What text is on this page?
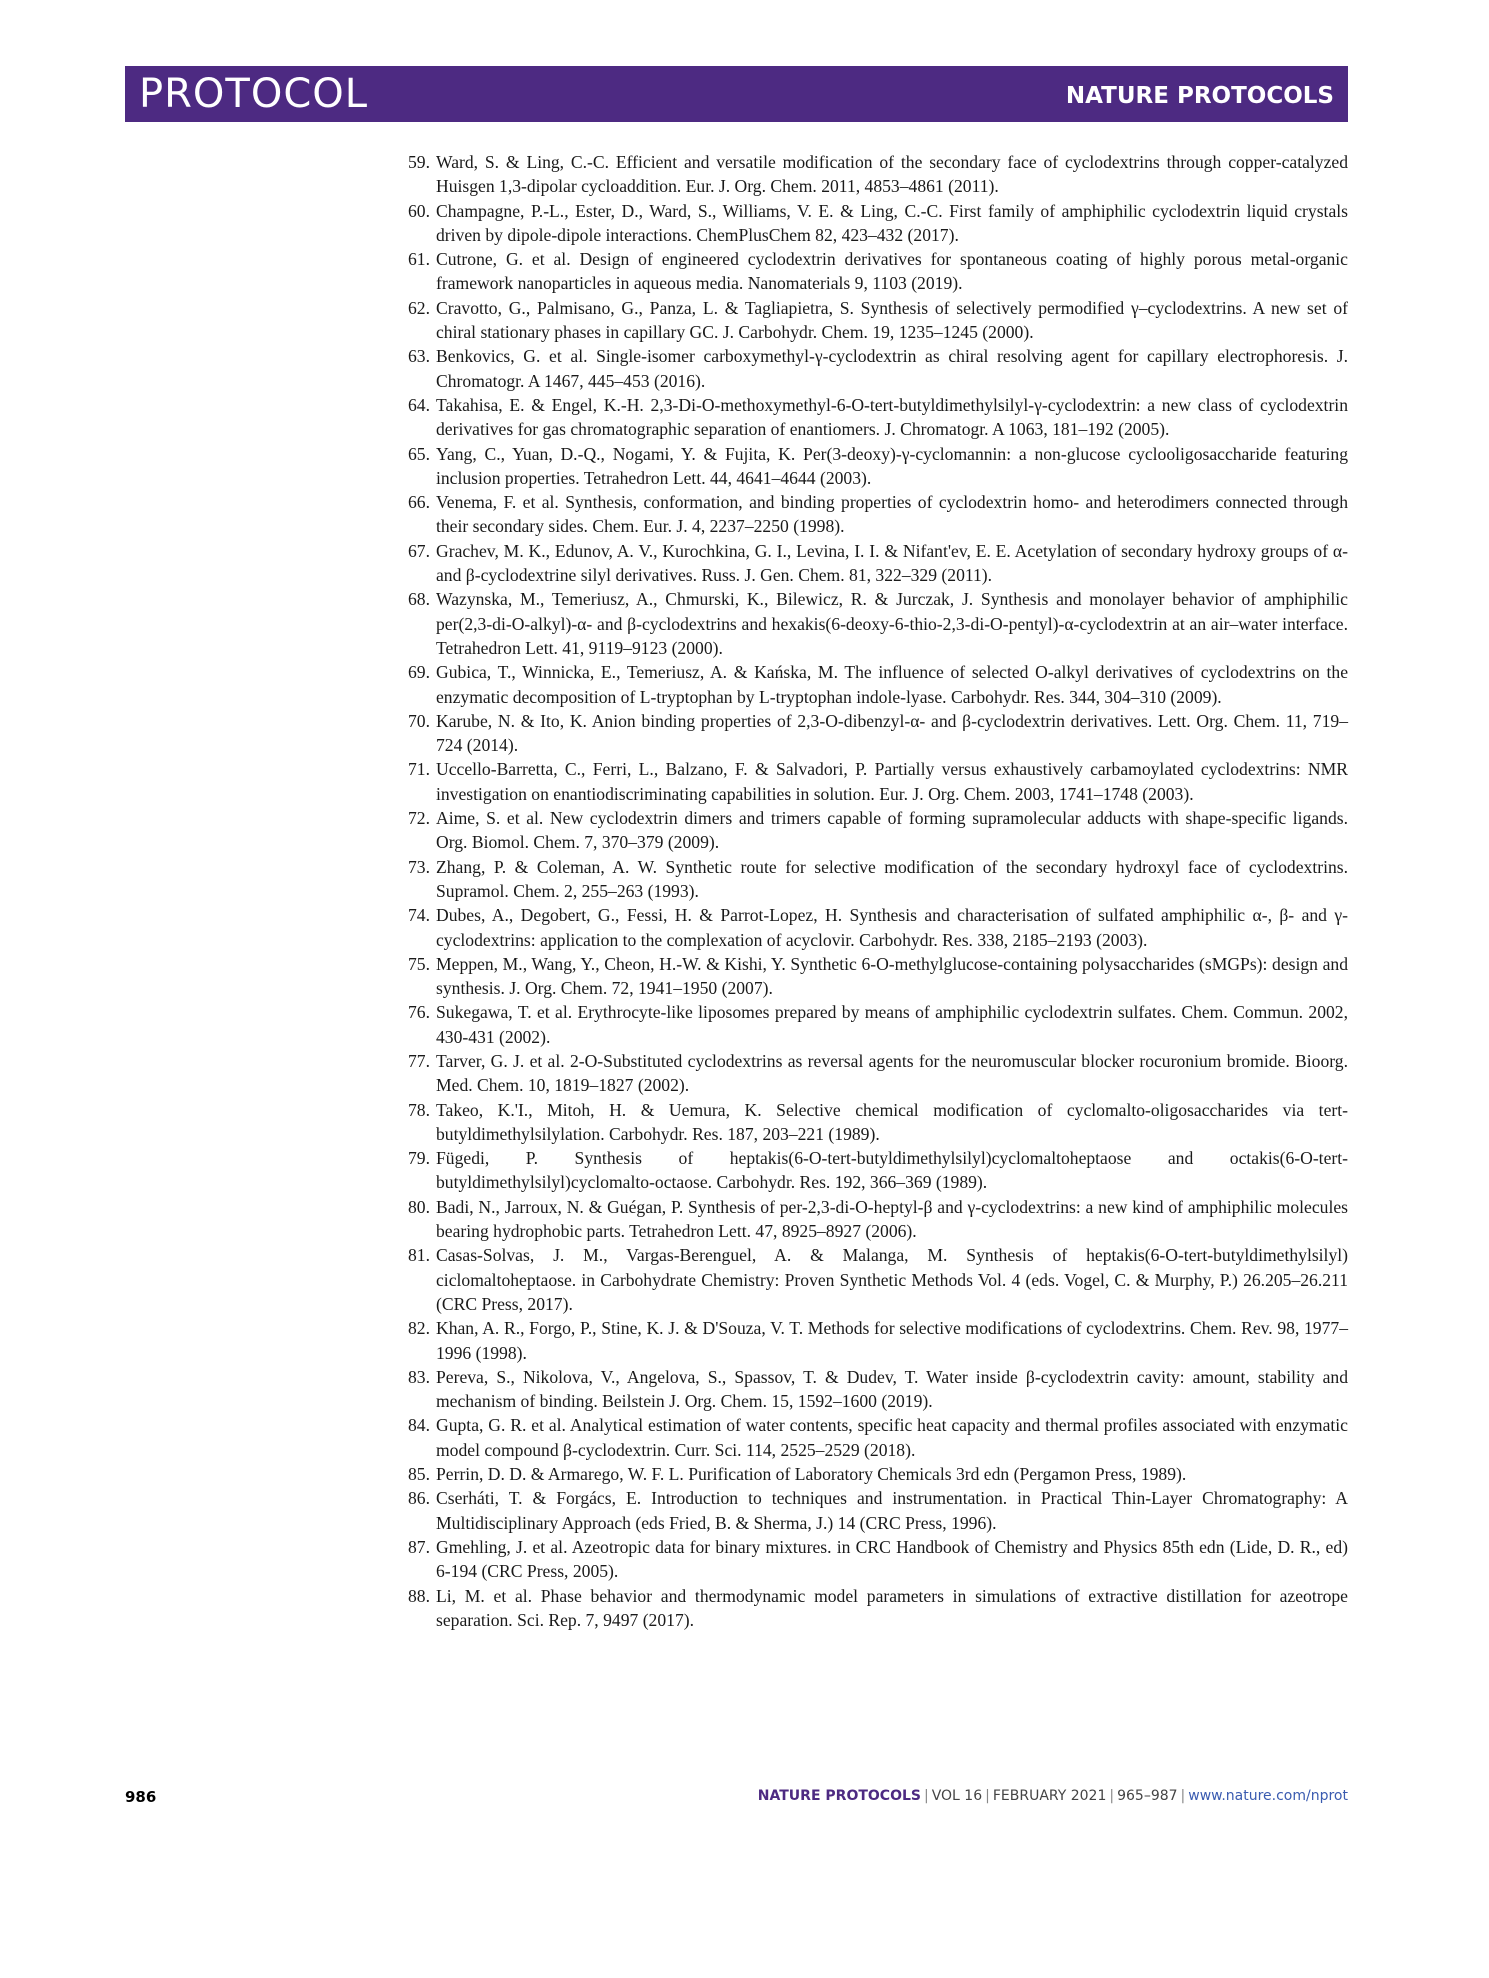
PROTOCOL	NATURE PROTOCOLS
59. Ward, S. & Ling, C.-C. Efficient and versatile modification of the secondary face of cyclodextrins through copper-catalyzed Huisgen 1,3-dipolar cycloaddition. Eur. J. Org. Chem. 2011, 4853–4861 (2011).
60. Champagne, P.-L., Ester, D., Ward, S., Williams, V. E. & Ling, C.-C. First family of amphiphilic cyclodextrin liquid crystals driven by dipole-dipole interactions. ChemPlusChem 82, 423–432 (2017).
61. Cutrone, G. et al. Design of engineered cyclodextrin derivatives for spontaneous coating of highly porous metal-organic framework nanoparticles in aqueous media. Nanomaterials 9, 1103 (2019).
62. Cravotto, G., Palmisano, G., Panza, L. & Tagliapietra, S. Synthesis of selectively permodified γ–cyclodextrins. A new set of chiral stationary phases in capillary GC. J. Carbohydr. Chem. 19, 1235–1245 (2000).
63. Benkovics, G. et al. Single-isomer carboxymethyl-γ-cyclodextrin as chiral resolving agent for capillary electrophoresis. J. Chromatogr. A 1467, 445–453 (2016).
64. Takahisa, E. & Engel, K.-H. 2,3-Di-O-methoxymethyl-6-O-tert-butyldimethylsilyl-γ-cyclodextrin: a new class of cyclodextrin derivatives for gas chromatographic separation of enantiomers. J. Chromatogr. A 1063, 181–192 (2005).
65. Yang, C., Yuan, D.-Q., Nogami, Y. & Fujita, K. Per(3-deoxy)-γ-cyclomannin: a non-glucose cyclooligosaccharide featuring inclusion properties. Tetrahedron Lett. 44, 4641–4644 (2003).
66. Venema, F. et al. Synthesis, conformation, and binding properties of cyclodextrin homo- and heterodimers connected through their secondary sides. Chem. Eur. J. 4, 2237–2250 (1998).
67. Grachev, M. K., Edunov, A. V., Kurochkina, G. I., Levina, I. I. & Nifant'ev, E. E. Acetylation of secondary hydroxy groups of α- and β-cyclodextrine silyl derivatives. Russ. J. Gen. Chem. 81, 322–329 (2011).
68. Wazynska, M., Temeriusz, A., Chmurski, K., Bilewicz, R. & Jurczak, J. Synthesis and monolayer behavior of amphiphilic per(2,3-di-O-alkyl)-α- and β-cyclodextrins and hexakis(6-deoxy-6-thio-2,3-di-O-pentyl)-α-cyclodextrin at an air–water interface. Tetrahedron Lett. 41, 9119–9123 (2000).
69. Gubica, T., Winnicka, E., Temeriusz, A. & Kańska, M. The influence of selected O-alkyl derivatives of cyclodextrins on the enzymatic decomposition of L-tryptophan by L-tryptophan indole-lyase. Carbohydr. Res. 344, 304–310 (2009).
70. Karube, N. & Ito, K. Anion binding properties of 2,3-O-dibenzyl-α- and β-cyclodextrin derivatives. Lett. Org. Chem. 11, 719–724 (2014).
71. Uccello-Barretta, C., Ferri, L., Balzano, F. & Salvadori, P. Partially versus exhaustively carbamoylated cyclodextrins: NMR investigation on enantiodiscriminating capabilities in solution. Eur. J. Org. Chem. 2003, 1741–1748 (2003).
72. Aime, S. et al. New cyclodextrin dimers and trimers capable of forming supramolecular adducts with shape-specific ligands. Org. Biomol. Chem. 7, 370–379 (2009).
73. Zhang, P. & Coleman, A. W. Synthetic route for selective modification of the secondary hydroxyl face of cyclodextrins. Supramol. Chem. 2, 255–263 (1993).
74. Dubes, A., Degobert, G., Fessi, H. & Parrot-Lopez, H. Synthesis and characterisation of sulfated amphiphilic α-, β- and γ-cyclodextrins: application to the complexation of acyclovir. Carbohydr. Res. 338, 2185–2193 (2003).
75. Meppen, M., Wang, Y., Cheon, H.-W. & Kishi, Y. Synthetic 6-O-methylglucose-containing polysaccharides (sMGPs): design and synthesis. J. Org. Chem. 72, 1941–1950 (2007).
76. Sukegawa, T. et al. Erythrocyte-like liposomes prepared by means of amphiphilic cyclodextrin sulfates. Chem. Commun. 2002, 430-431 (2002).
77. Tarver, G. J. et al. 2-O-Substituted cyclodextrins as reversal agents for the neuromuscular blocker rocuronium bromide. Bioorg. Med. Chem. 10, 1819–1827 (2002).
78. Takeo, K.'I., Mitoh, H. & Uemura, K. Selective chemical modification of cyclomalto-oligosaccharides via tert-butyldimethylsilylation. Carbohydr. Res. 187, 203–221 (1989).
79. Fügedi, P. Synthesis of heptakis(6-O-tert-butyldimethylsilyl)cyclomaltoheptaose and octakis(6-O-tert-butyldimethylsilyl)cyclomalto-octaose. Carbohydr. Res. 192, 366–369 (1989).
80. Badi, N., Jarroux, N. & Guégan, P. Synthesis of per-2,3-di-O-heptyl-β and γ-cyclodextrins: a new kind of amphiphilic molecules bearing hydrophobic parts. Tetrahedron Lett. 47, 8925–8927 (2006).
81. Casas-Solvas, J. M., Vargas-Berenguel, A. & Malanga, M. Synthesis of heptakis(6-O-tert-butyldimethylsilyl) ciclomaltoheptaose. in Carbohydrate Chemistry: Proven Synthetic Methods Vol. 4 (eds. Vogel, C. & Murphy, P.) 26.205–26.211 (CRC Press, 2017).
82. Khan, A. R., Forgo, P., Stine, K. J. & D'Souza, V. T. Methods for selective modifications of cyclodextrins. Chem. Rev. 98, 1977–1996 (1998).
83. Pereva, S., Nikolova, V., Angelova, S., Spassov, T. & Dudev, T. Water inside β-cyclodextrin cavity: amount, stability and mechanism of binding. Beilstein J. Org. Chem. 15, 1592–1600 (2019).
84. Gupta, G. R. et al. Analytical estimation of water contents, specific heat capacity and thermal profiles associated with enzymatic model compound β-cyclodextrin. Curr. Sci. 114, 2525–2529 (2018).
85. Perrin, D. D. & Armarego, W. F. L. Purification of Laboratory Chemicals 3rd edn (Pergamon Press, 1989).
86. Cserháti, T. & Forgács, E. Introduction to techniques and instrumentation. in Practical Thin-Layer Chromatography: A Multidisciplinary Approach (eds Fried, B. & Sherma, J.) 14 (CRC Press, 1996).
87. Gmehling, J. et al. Azeotropic data for binary mixtures. in CRC Handbook of Chemistry and Physics 85th edn (Lide, D. R., ed) 6-194 (CRC Press, 2005).
88. Li, M. et al. Phase behavior and thermodynamic model parameters in simulations of extractive distillation for azeotrope separation. Sci. Rep. 7, 9497 (2017).
986	NATURE PROTOCOLS | VOL 16 | FEBRUARY 2021 | 965–987 | www.nature.com/nprot
